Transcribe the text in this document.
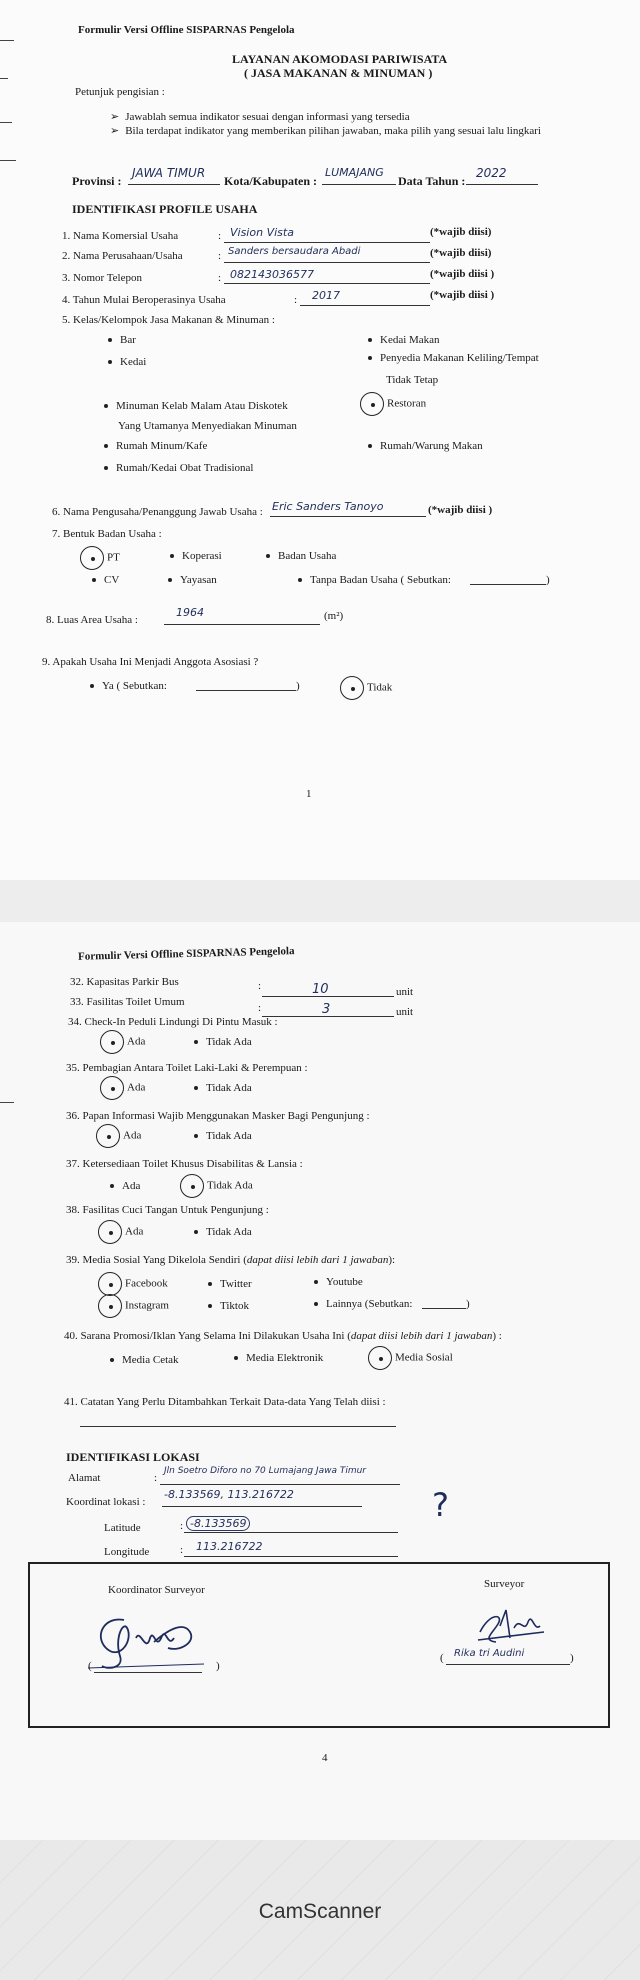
Formulir Versi Offline SISPARNAS Pengelola
LAYANAN AKOMODASI PARIWISATA
( JASA MAKANAN & MINUMAN )
Petunjuk pengisian :
➢ Jawablah semua indikator sesuai dengan informasi yang tersedia
➢ Bila terdapat indikator yang memberikan pilihan jawaban, maka pilih yang sesuai lalu lingkari
Provinsi :
JAWA TIMUR
Kota/Kabupaten :
LUMAJANG
Data Tahun :
2022
IDENTIFIKASI PROFILE USAHA
1. Nama Komersial Usaha	: Vision Vista	(*wajib diisi)
2. Nama Perusahaan/Usaha	: Sanders bersaudara Abadi	(*wajib diisi)
3. Nomor Telepon	: 082143036577	(*wajib diisi )
4. Tahun Mulai Beroperasinya Usaha	: 2017	(*wajib diisi )
5. Kelas/Kelompok Jasa Makanan & Minuman :
Bar
Kedai
Minuman Kelab Malam Atau Diskotek
Yang Utamanya Menyediakan Minuman
Rumah Minum/Kafe
Rumah/Kedai Obat Tradisional
Kedai Makan
Penyedia Makanan Keliling/Tempat
Tidak Tetap
Restoran
Rumah/Warung Makan
6. Nama Pengusaha/Penanggung Jawab Usaha : Eric Sanders Tanoyo	(*wajib diisi )
7. Bentuk Badan Usaha :
PT	Koperasi	Badan Usaha
CV	Yayasan	Tanpa Badan Usaha ( Sebutkan:	)
8. Luas Area Usaha :
1964	(m²)
9. Apakah Usaha Ini Menjadi Anggota Asosiasi ?
Ya ( Sebutkan:	)	Tidak
1
Formulir Versi Offline SISPARNAS Pengelola
32. Kapasitas Parkir Bus	:	10	unit
33. Fasilitas Toilet Umum	:	3	unit
34. Check-In Peduli Lindungi Di Pintu Masuk :
Ada	Tidak Ada
35. Pembagian Antara Toilet Laki-Laki & Perempuan :
Ada	Tidak Ada
36. Papan Informasi Wajib Menggunakan Masker Bagi Pengunjung :
Ada	Tidak Ada
37. Ketersediaan Toilet Khusus Disabilitas & Lansia :
Ada	Tidak Ada
38. Fasilitas Cuci Tangan Untuk Pengunjung :
Ada	Tidak Ada
39. Media Sosial Yang Dikelola Sendiri (dapat diisi lebih dari 1 jawaban):
Facebook	Twitter	Youtube
Instagram	Tiktok	Lainnya (Sebutkan:	)
40. Sarana Promosi/Iklan Yang Selama Ini Dilakukan Usaha Ini (dapat diisi lebih dari 1 jawaban) :
Media Cetak	Media Elektronik	Media Sosial
41. Catatan Yang Perlu Ditambahkan Terkait Data-data Yang Telah diisi :
IDENTIFIKASI LOKASI
Alamat	:
Jln Soetro Diforo no 70 Lumajang Jawa Timur
Koordinat lokasi :
-8.133569, 113.216722
Latitude	: -8.133569
Longitude	: 113.216722
?
Koordinator Surveyor	Surveyor
(	)
( Rika tri Audini	)
4
CamScanner
